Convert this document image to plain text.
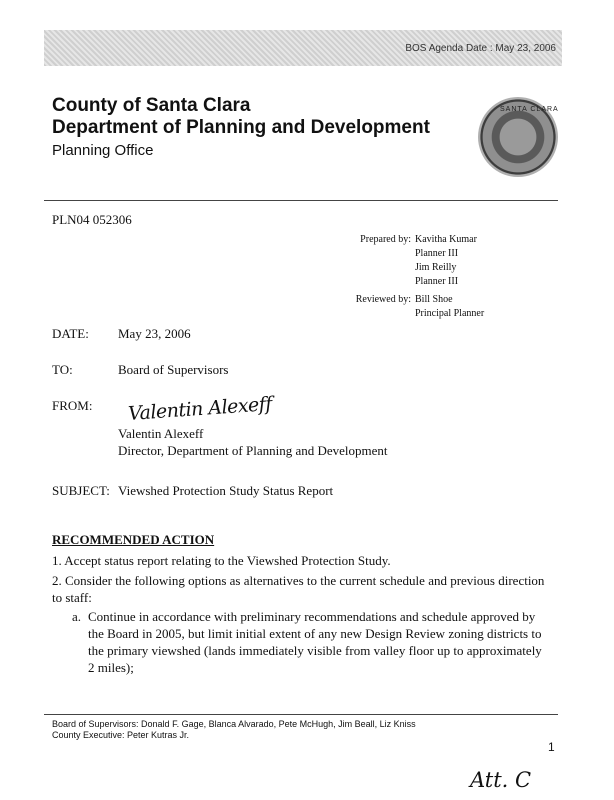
BOS Agenda Date : May 23, 2006
County of Santa Clara
Department of Planning and Development
Planning Office
SANTA CLARA
PLN04 052306
Prepared by: Kavitha Kumar
Planner III
Jim Reilly
Planner III
Reviewed by: Bill Shoe
Principal Planner
DATE: May 23, 2006
TO:	Board of Supervisors
FROM: Valentin Alexeff
Valentin Alexeff
Director, Department of Planning and Development
SUBJECT: Viewshed Protection Study Status Report
RECOMMENDED ACTION
1. Accept status report relating to the Viewshed Protection Study.
2. Consider the following options as alternatives to the current schedule and previous direction
to staff:
a. Continue in accordance with preliminary recommendations and schedule approved by
the Board in 2005, but limit initial extent of any new Design Review zoning districts to
the primary viewshed (lands immediately visible from valley floor up to approximately
2 miles);
Board of Supervisors: Donald F. Gage, Blanca Alvarado, Pete McHugh, Jim Beall, Liz Kniss
County Executive: Peter Kutras Jr.
1
Att. C
